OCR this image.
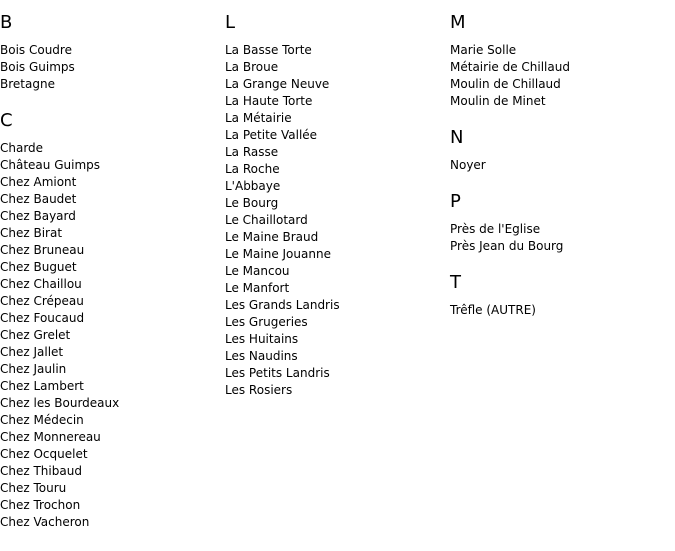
B
Bois Coudre
Bois Guimps
Bretagne
C
Charde
Château Guimps
Chez Amiont
Chez Baudet
Chez Bayard
Chez Birat
Chez Bruneau
Chez Buguet
Chez Chaillou
Chez Crépeau
Chez Foucaud
Chez Grelet
Chez Jallet
Chez Jaulin
Chez Lambert
Chez les Bourdeaux
Chez Médecin
Chez Monnereau
Chez Ocquelet
Chez Thibaud
Chez Touru
Chez Trochon
Chez Vacheron
L
La Basse Torte
La Broue
La Grange Neuve
La Haute Torte
La Métairie
La Petite Vallée
La Rasse
La Roche
L'Abbaye
Le Bourg
Le Chaillotard
Le Maine Braud
Le Maine Jouanne
Le Mancou
Le Manfort
Les Grands Landris
Les Grugeries
Les Huitains
Les Naudins
Les Petits Landris
Les Rosiers
M
Marie Solle
Métairie de Chillaud
Moulin de Chillaud
Moulin de Minet
N
Noyer
P
Près de l'Eglise
Près Jean du Bourg
T
Trêfle (AUTRE)
